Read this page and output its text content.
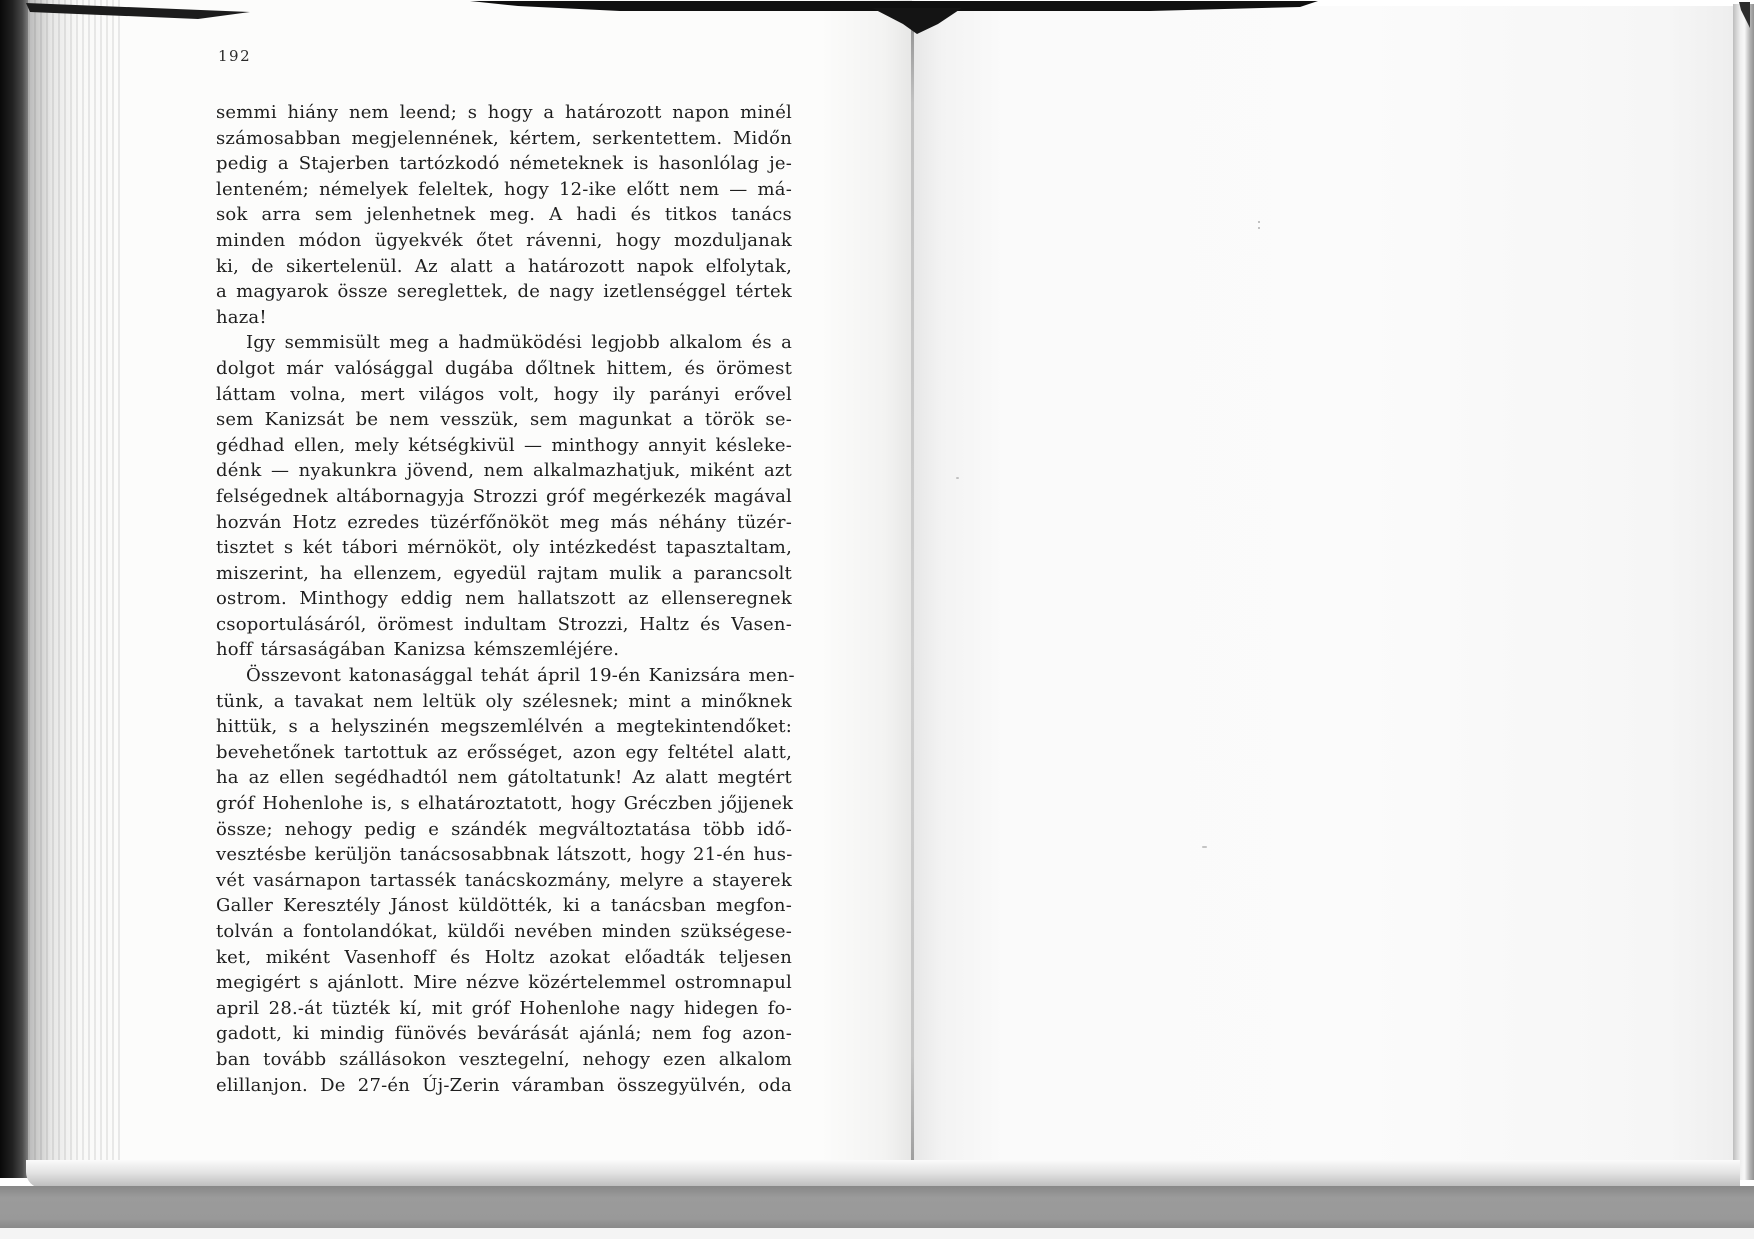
192
semmi hiány nem leend; s hogy a határozott napon minél
számosabban megjelennének, kértem, serkentettem. Midőn
pedig a Stajerben tartózkodó németeknek is hasonlólag je-
lenteném; némelyek feleltek, hogy 12-ike előtt nem — má-
sok arra sem jelenhetnek meg. A hadi és titkos tanács
minden módon ügyekvék őtet rávenni, hogy mozduljanak
ki, de sikertelenül. Az alatt a határozott napok elfolytak,
a magyarok össze sereglettek, de nagy izetlenséggel tértek
haza!
Igy semmisült meg a hadmüködési legjobb alkalom és a
dolgot már valósággal dugába dőltnek hittem, és örömest
láttam volna, mert világos volt, hogy ily parányi erővel
sem Kanizsát be nem vesszük, sem magunkat a török se-
gédhad ellen, mely kétségkivül — minthogy annyit késleke-
dénk — nyakunkra jövend, nem alkalmazhatjuk, miként azt
felségednek altábornagyja Strozzi gróf megérkezék magával
hozván Hotz ezredes tüzérfőnököt meg más néhány tüzér-
tisztet s két tábori mérnököt, oly intézkedést tapasztaltam,
miszerint, ha ellenzem, egyedül rajtam mulik a parancsolt
ostrom. Minthogy eddig nem hallatszott az ellenseregnek
csoportulásáról, örömest indultam Strozzi, Haltz és Vasen-
hoff társaságában Kanizsa kémszemléjére.
Összevont katonasággal tehát ápril 19-én Kanizsára men-
tünk, a tavakat nem leltük oly szélesnek; mint a minőknek
hittük, s a helyszinén megszemlélvén a megtekintendőket:
bevehetőnek tartottuk az erősséget, azon egy feltétel alatt,
ha az ellen segédhadtól nem gátoltatunk! Az alatt megtért
gróf Hohenlohe is, s elhatároztatott, hogy Gréczben jőjjenek
össze; nehogy pedig e szándék megváltoztatása több idő-
vesztésbe kerüljön tanácsosabbnak látszott, hogy 21-én hus-
vét vasárnapon tartassék tanácskozmány, melyre a stayerek
Galler Keresztély Jánost küldötték, ki a tanácsban megfon-
tolván a fontolandókat, küldői nevében minden szükségese-
ket, miként Vasenhoff és Holtz azokat előadták teljesen
megigért s ajánlott. Mire nézve közértelemmel ostromnapul
april 28.-át tüzték kí, mit gróf Hohenlohe nagy hidegen fo-
gadott, ki mindig fünövés bevárását ajánlá; nem fog azon-
ban tovább szállásokon vesztegelní, nehogy ezen alkalom
elillanjon. De 27-én Új-Zerin váramban összegyülvén, oda
